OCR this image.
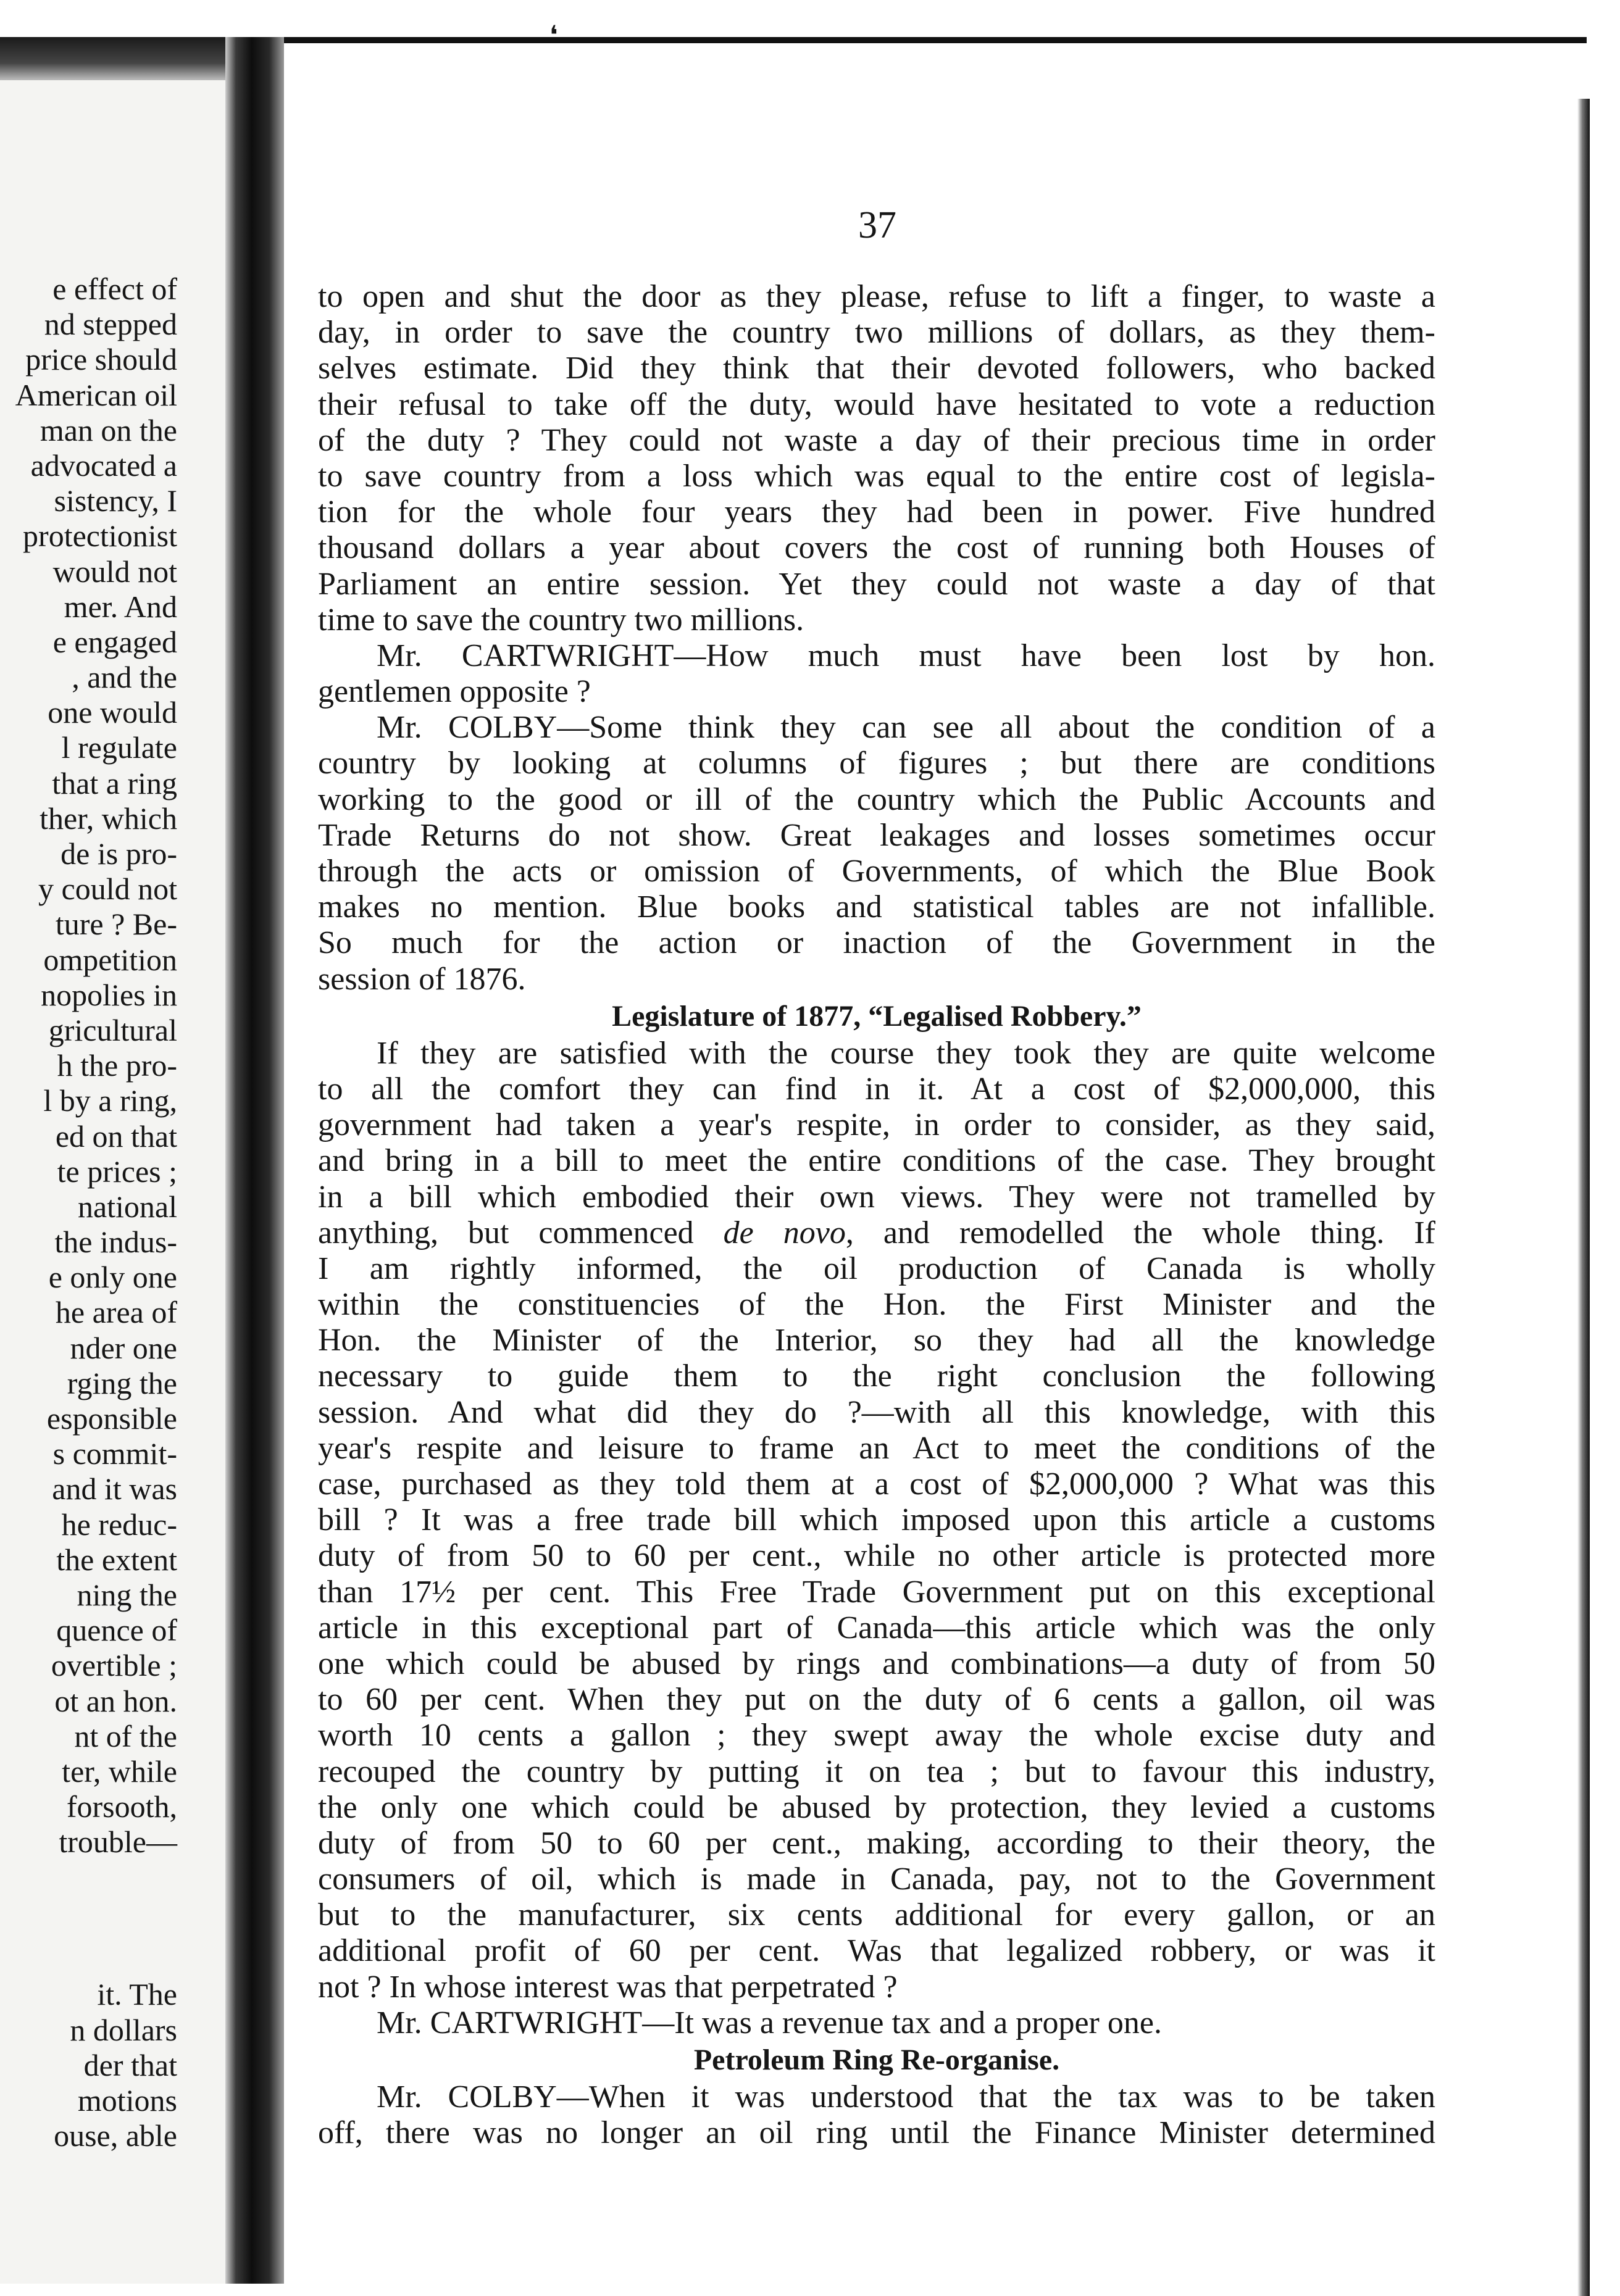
e effect of
nd stepped
price should
American oil
man on the
advocated a
sistency, I
protectionist
would not
mer. And
e engaged
, and the
one would
l regulate
that a ring
ther, which
de is pro-
y could not
ture ? Be-
ompetition
nopolies in
gricultural
h the pro-
l by a ring,
ed on that
te prices ;
national
the indus-
e only one
he area of
nder one
rging the
esponsible
s commit-
and it was
he reduc-
the extent
ning the
quence of
overtible ;
ot an hon.
nt of the
ter, while
forsooth,
trouble—
it. The
n dollars
der that
motions
ouse, able
❛
37
to open and shut the door as they please, refuse to lift a finger, to waste a
day, in order to save the country two millions of dollars, as they them-
selves estimate. Did they think that their devoted followers, who backed
their refusal to take off the duty, would have hesitated to vote a reduction
of the duty ? They could not waste a day of their precious time in order
to save country from a loss which was equal to the entire cost of legisla-
tion for the whole four years they had been in power. Five hundred
thousand dollars a year about covers the cost of running both Houses of
Parliament an entire session. Yet they could not waste a day of that
time to save the country two millions.
Mr. CARTWRIGHT—How much must have been lost by hon.
gentlemen opposite ?
Mr. COLBY—Some think they can see all about the condition of a
country by looking at columns of figures ; but there are conditions
working to the good or ill of the country which the Public Accounts and
Trade Returns do not show. Great leakages and losses sometimes occur
through the acts or omission of Governments, of which the Blue Book
makes no mention. Blue books and statistical tables are not infallible.
So much for the action or inaction of the Government in the
session of 1876.
Legislature of 1877, “Legalised Robbery.”
If they are satisfied with the course they took they are quite welcome
to all the comfort they can find in it. At a cost of $2,000,000, this
government had taken a year's respite, in order to consider, as they said,
and bring in a bill to meet the entire conditions of the case. They brought
in a bill which embodied their own views. They were not tramelled by
anything, but commenced de novo, and remodelled the whole thing. If
I am rightly informed, the oil production of Canada is wholly
within the constituencies of the Hon. the First Minister and the
Hon. the Minister of the Interior, so they had all the knowledge
necessary to guide them to the right conclusion the following
session. And what did they do ?—with all this knowledge, with this
year's respite and leisure to frame an Act to meet the conditions of the
case, purchased as they told them at a cost of $2,000,000 ? What was this
bill ? It was a free trade bill which imposed upon this article a customs
duty of from 50 to 60 per cent., while no other article is protected more
than 17½ per cent. This Free Trade Government put on this exceptional
article in this exceptional part of Canada—this article which was the only
one which could be abused by rings and combinations—a duty of from 50
to 60 per cent. When they put on the duty of 6 cents a gallon, oil was
worth 10 cents a gallon ; they swept away the whole excise duty and
recouped the country by putting it on tea ; but to favour this industry,
the only one which could be abused by protection, they levied a customs
duty of from 50 to 60 per cent., making, according to their theory, the
consumers of oil, which is made in Canada, pay, not to the Government
but to the manufacturer, six cents additional for every gallon, or an
additional profit of 60 per cent. Was that legalized robbery, or was it
not ? In whose interest was that perpetrated ?
Mr. CARTWRIGHT—It was a revenue tax and a proper one.
Petroleum Ring Re-organise.
Mr. COLBY—When it was understood that the tax was to be taken
off, there was no longer an oil ring until the Finance Minister determined
